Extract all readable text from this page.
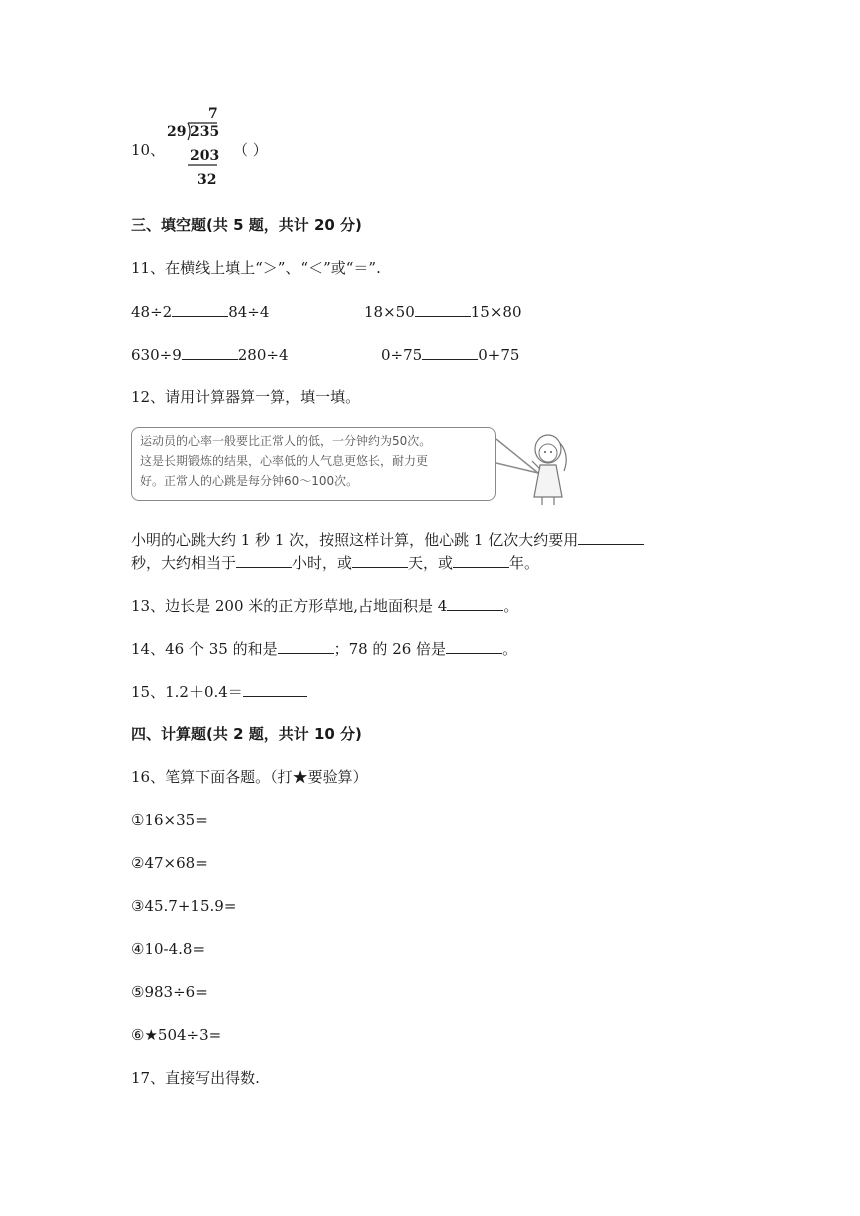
10、
7
29 235
203
32
（ ）
三、填空题(共 5 题，共计 20 分)
11、在横线上填上“＞”、“＜”或“＝”.
48÷2	84÷4	18×50	15×80
630÷9	280÷4	0÷75	0+75
12、请用计算器算一算，填一填。
运动员的心率一般要比正常人的低，一分钟约为50次。
这是长期锻炼的结果，心率低的人气息更悠长，耐力更
好。正常人的心跳是每分钟60～100次。
小明的心跳大约 1 秒 1 次，按照这样计算，他心跳 1 亿次大约要用
秒，大约相当于	小时，或	天，或	年。
13、边长是 200 米的正方形草地,占地面积是 4	。
14、46 个 35 的和是	；78 的 26 倍是	。
15、1.2＋0.4＝
四、计算题(共 2 题，共计 10 分)
16、笔算下面各题。（打★要验算）
①16×35=
②47×68=
③45.7+15.9=
④10-4.8=
⑤983÷6=
⑥★504÷3=
17、直接写出得数.
